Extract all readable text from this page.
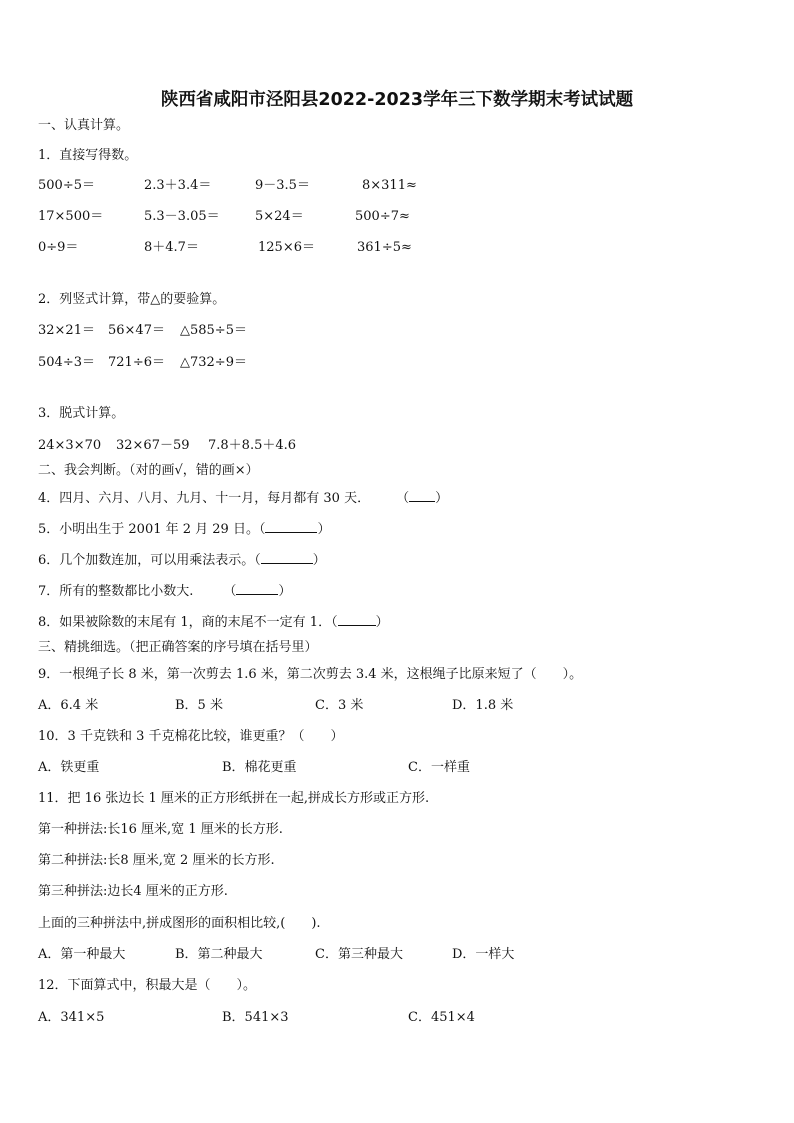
陕西省咸阳市泾阳县2022-2023学年三下数学期末考试试题
一、认真计算。
1．直接写得数。
500÷5＝	2.3＋3.4＝	9－3.5＝	8×311≈
17×500＝	5.3－3.05＝	5×24＝	500÷7≈
0÷9＝	8＋4.7＝	125×6＝	361÷5≈
2．列竖式计算，带△的要验算。
32×21＝ 56×47＝ △585÷5＝
504÷3＝ 721÷6＝ △732÷9＝
3．脱式计算。
24×3×70 32×67－59 7.8＋8.5＋4.6
二、我会判断。（对的画√，错的画×）
4．四月、六月、八月、九月、十一月，每月都有 30 天． （ ）
5．小明出生于 2001 年 2 月 29 日。（	）
6．几个加数连加，可以用乘法表示。（	）
7．所有的整数都比小数大. （	）
8．如果被除数的末尾有 1，商的末尾不一定有 1．（	）
三、精挑细选。（把正确答案的序号填在括号里）
9．一根绳子长 8 米，第一次剪去 1.6 米，第二次剪去 3.4 米，这根绳子比原来短了（　　）。
A．6.4 米	B．5 米	C．3 米	D．1.8 米
10．3 千克铁和 3 千克棉花比较，谁更重？（　　）
A．铁更重	B．棉花更重	C．一样重
11．把 16 张边长 1 厘米的正方形纸拼在一起,拼成长方形或正方形.
第一种拼法:长16 厘米,宽 1 厘米的长方形.
第二种拼法:长8 厘米,宽 2 厘米的长方形.
第三种拼法:边长4 厘米的正方形.
上面的三种拼法中,拼成图形的面积相比较,(　　).
A．第一种最大	B．第二种最大	C．第三种最大	D．一样大
12．下面算式中，积最大是（　　）。
A．341×5	B．541×3	C．451×4
